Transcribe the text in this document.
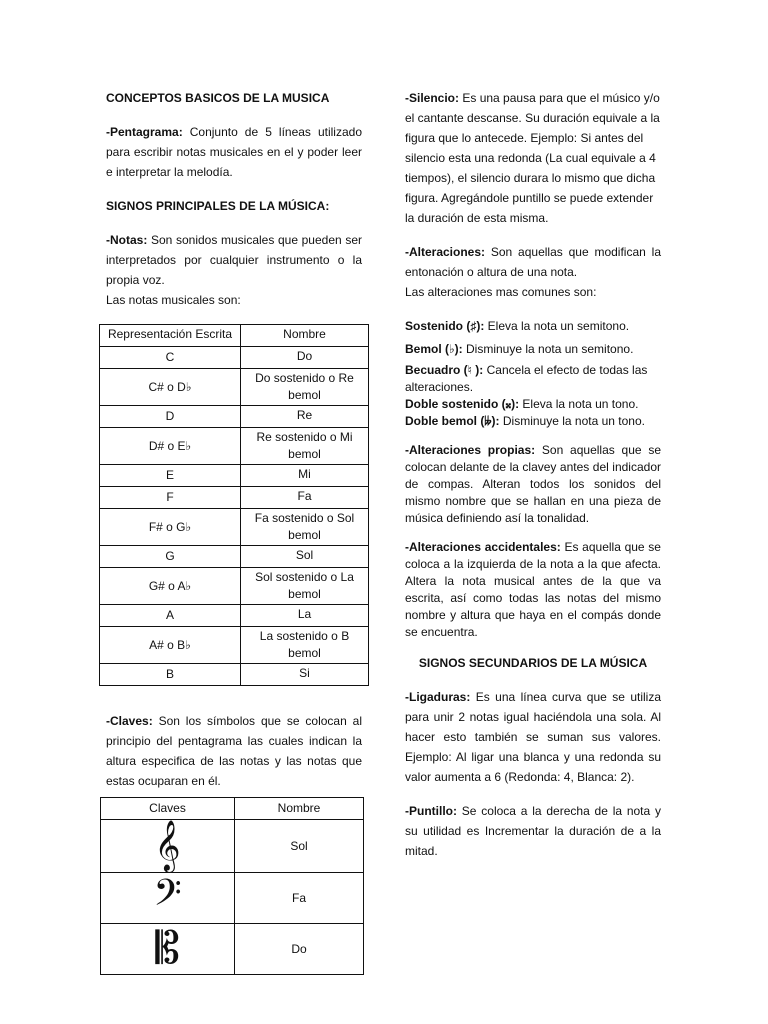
CONCEPTOS BASICOS DE LA MUSICA

-Pentagrama: Conjunto de 5 líneas utilizado para escribir notas musicales en el y poder leer e interpretar la melodía.

SIGNOS PRINCIPALES DE LA MÚSICA:

-Notas: Son sonidos musicales que pueden ser interpretados por cualquier instrumento o la propia voz.

Las notas musicales son:

Representación Escrita	Nombre
C	Do
C# o D♭	Do sostenido o Re bemol
D	Re
D# o E♭	Re sostenido o Mi bemol
E	Mi
F	Fa
F# o G♭	Fa sostenido o Sol bemol
G	Sol
G# o A♭	Sol sostenido o La bemol
A	La
A# o B♭	La sostenido o B bemol
B	Si

-Claves: Son los símbolos que se colocan al principio del pentagrama las cuales indican la altura especifica de las notas y las notas que estas ocuparan en él.

Claves	Nombre
𝄞	Sol
𝄢	Fa
𝄡	Do

-Silencio: Es una pausa para que el músico y/o el cantante descanse. Su duración equivale a la figura que lo antecede. Ejemplo: Si antes del silencio esta una redonda (La cual equivale a 4 tiempos), el silencio durara lo mismo que dicha figura. Agregándole puntillo se puede extender la duración de esta misma.

-Alteraciones: Son aquellas que modifican la entonación o altura de una nota.

Las alteraciones mas comunes son:

Sostenido (♯): Eleva la nota un semitono.

Bemol (♭): Disminuye la nota un semitono.

Becuadro (♮ ): Cancela el efecto de todas las alteraciones.

Doble sostenido (𝄪): Eleva la nota un tono.

Doble bemol (𝄫): Disminuye la nota un tono.

-Alteraciones propias: Son aquellas que se colocan delante de la clavey antes del indicador de compas. Alteran todos los sonidos del mismo nombre que se hallan en una pieza de música definiendo así la tonalidad.

-Alteraciones accidentales: Es aquella que se coloca a la izquierda de la nota a la que afecta. Altera la nota musical antes de la que va escrita, así como todas las notas del mismo nombre y altura que haya en el compás donde se encuentra.

SIGNOS SECUNDARIOS DE LA MÚSICA

-Ligaduras: Es una línea curva que se utiliza para unir 2 notas igual haciéndola una sola. Al hacer esto también se suman sus valores. Ejemplo: Al ligar una blanca y una redonda su valor aumenta a 6 (Redonda: 4, Blanca: 2).

-Puntillo: Se coloca a la derecha de la nota y su utilidad es Incrementar la duración de a la mitad.
